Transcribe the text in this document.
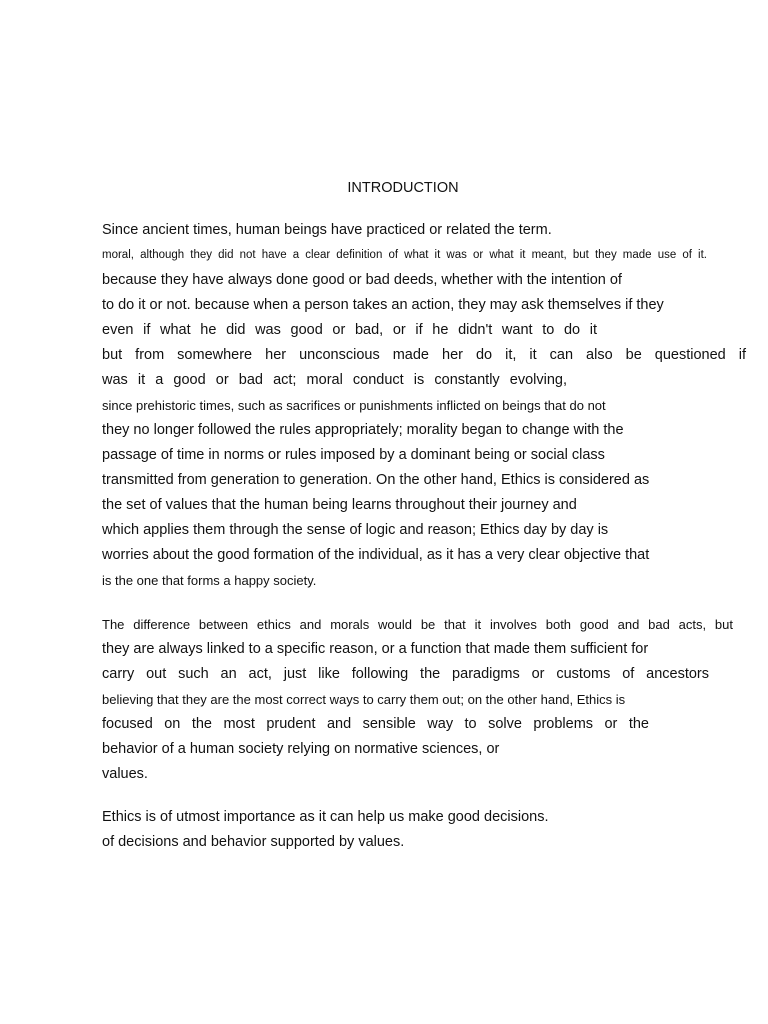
INTRODUCTION
Since ancient times, human beings have practiced or related the term.
moral, although they did not have a clear definition of what it was or what it meant, but they made use of it.
because they have always done good or bad deeds, whether with the intention of
to do it or not. because when a person takes an action, they may ask themselves if they
even if what he did was good or bad, or if he didn't want to do it
but from somewhere her unconscious made her do it, it can also be questioned if
was it a good or bad act; moral conduct is constantly evolving,
since prehistoric times, such as sacrifices or punishments inflicted on beings that do not
they no longer followed the rules appropriately; morality began to change with the
passage of time in norms or rules imposed by a dominant being or social class
transmitted from generation to generation. On the other hand, Ethics is considered as
the set of values that the human being learns throughout their journey and
which applies them through the sense of logic and reason; Ethics day by day is
worries about the good formation of the individual, as it has a very clear objective that
is the one that forms a happy society.
The difference between ethics and morals would be that it involves both good and bad acts, but
they are always linked to a specific reason, or a function that made them sufficient for
carry out such an act, just like following the paradigms or customs of ancestors
believing that they are the most correct ways to carry them out; on the other hand, Ethics is
focused on the most prudent and sensible way to solve problems or the
behavior of a human society relying on normative sciences, or
values.
Ethics is of utmost importance as it can help us make good decisions.
of decisions and behavior supported by values.
